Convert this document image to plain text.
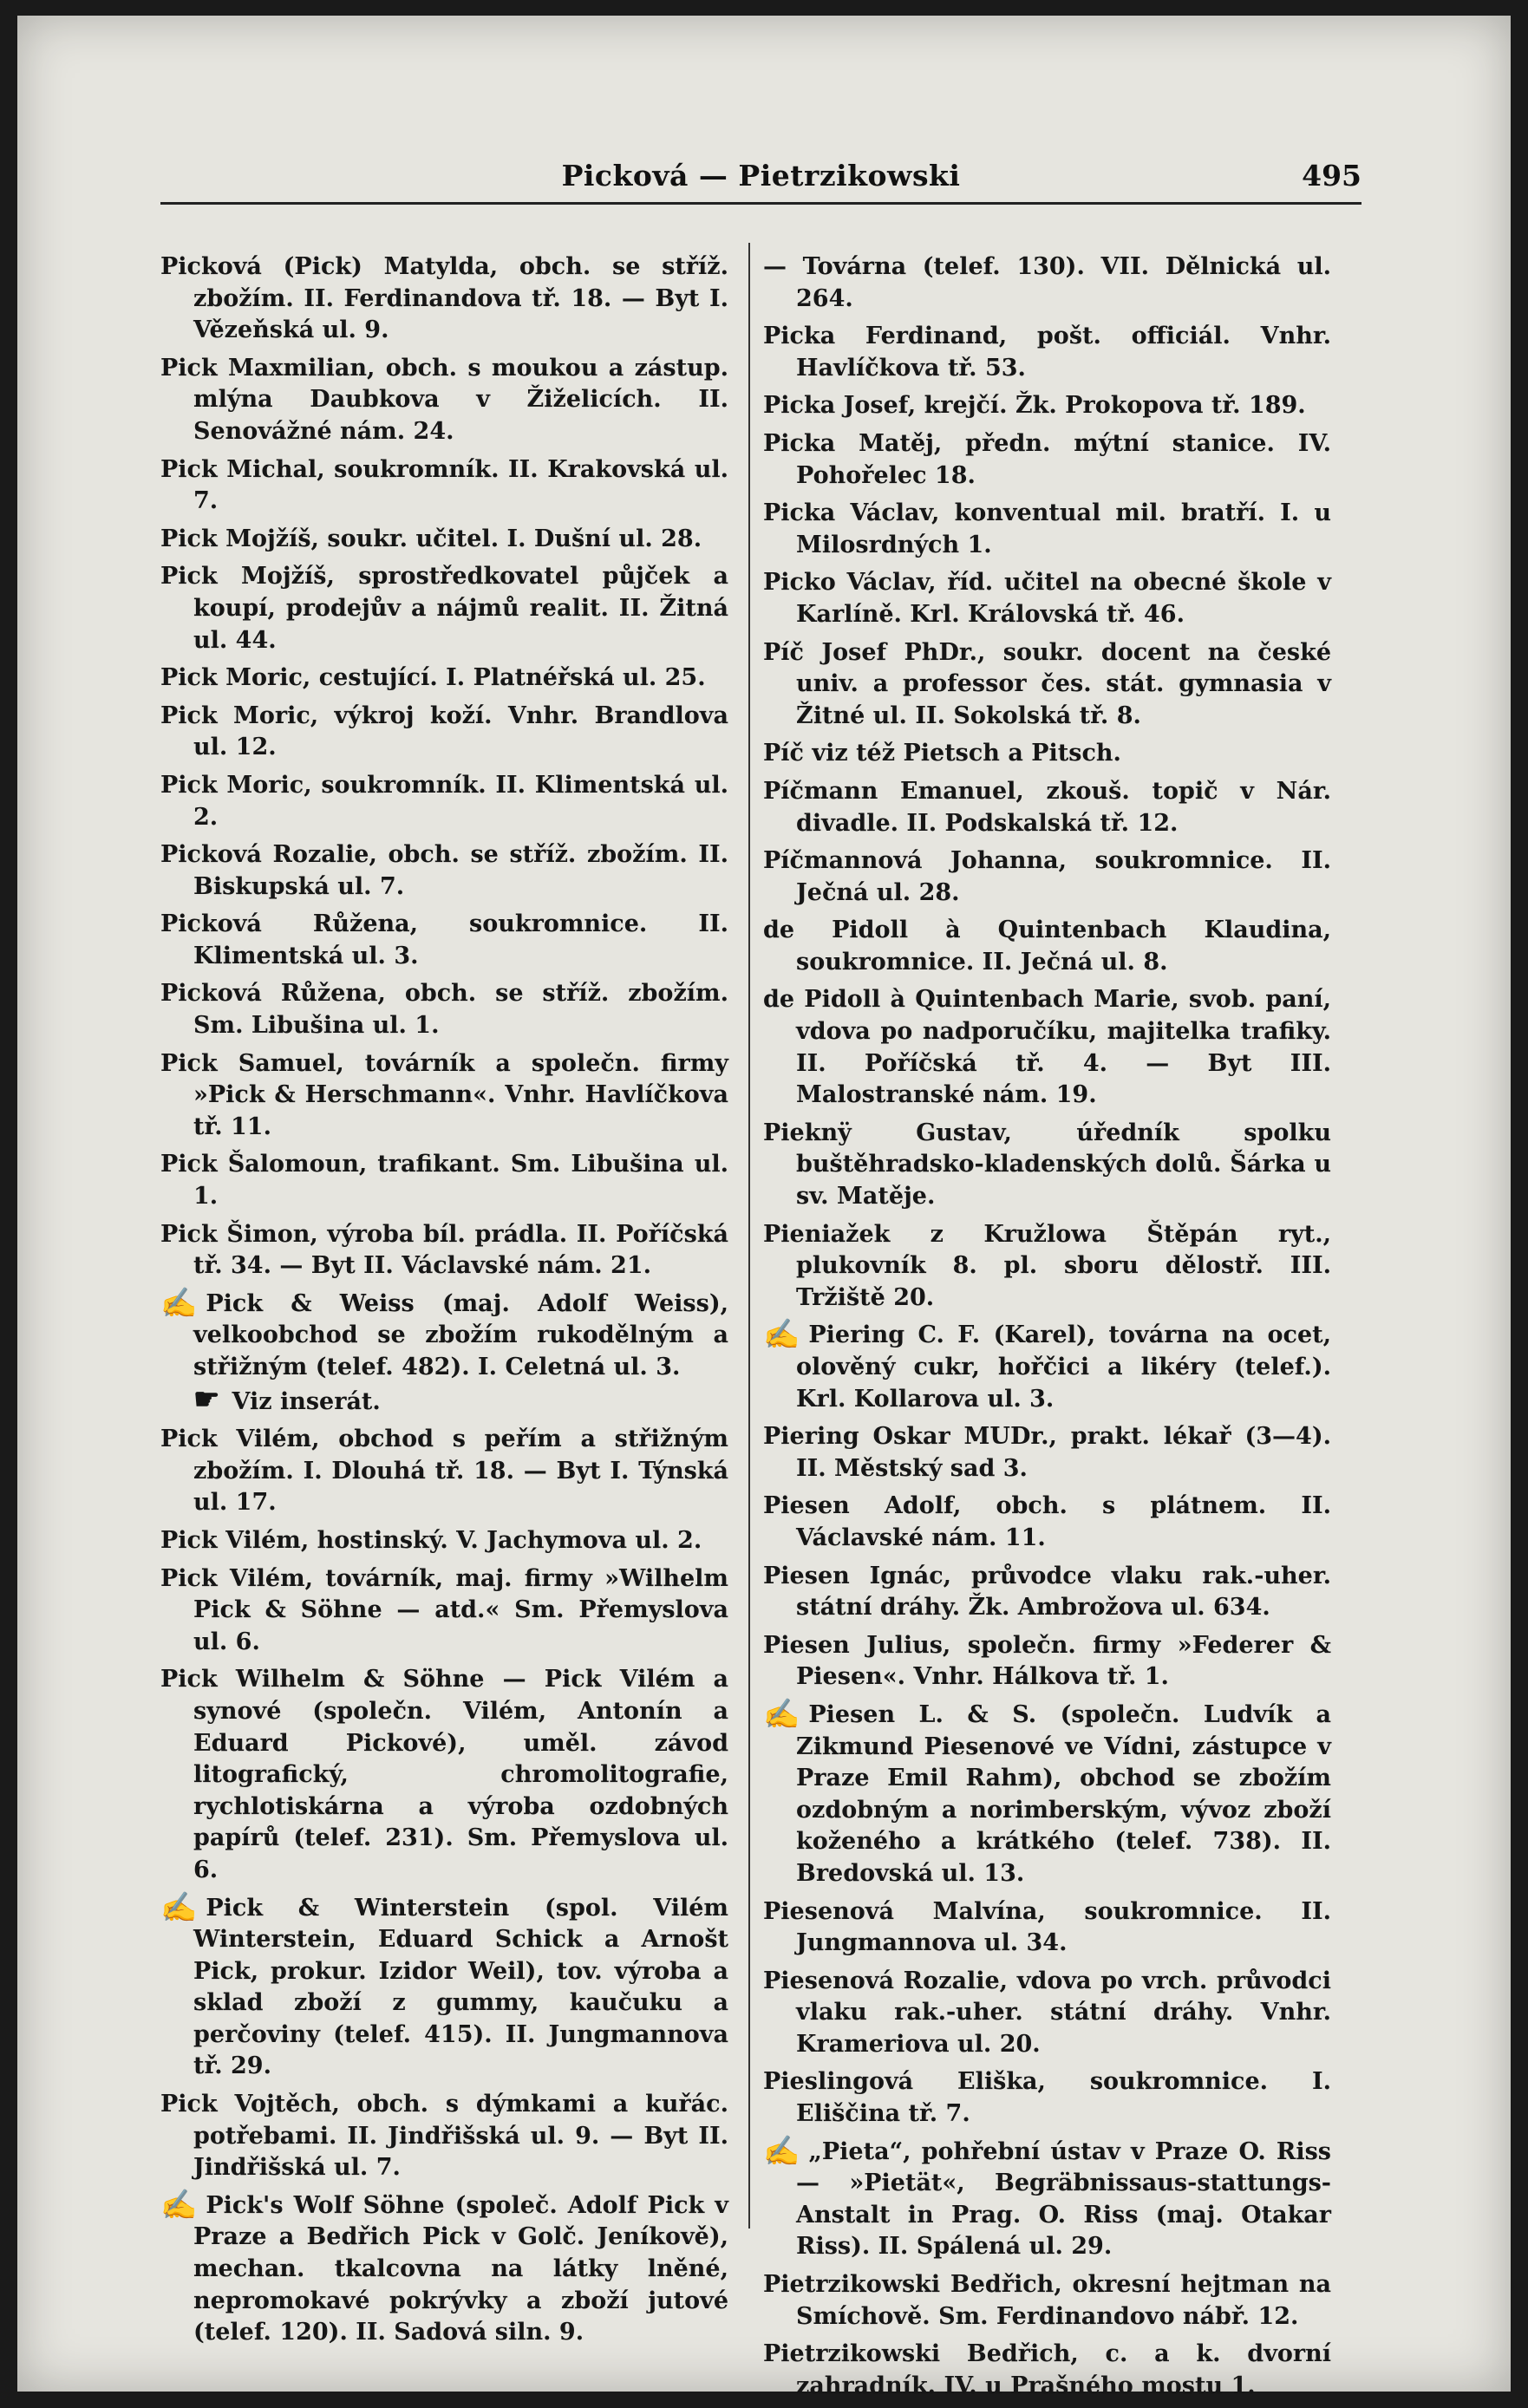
Picková — Pietrzikowski	495

Picková (Pick) Matylda, obch. se stříž. zbožím. II. Ferdinandova tř. 18. — Byt I. Vězeňská ul. 9.

Pick Maxmilian, obch. s moukou a zástup. mlýna Daubkova v Žiželicích. II. Senovážné nám. 24.

Pick Michal, soukromník. II. Krakovská ul. 7.

Pick Mojžíš, soukr. učitel. I. Dušní ul. 28.

Pick Mojžíš, sprostředkovatel půjček a koupí, prodejův a nájmů realit. II. Žitná ul. 44.

Pick Moric, cestující. I. Platnéřská ul. 25.

Pick Moric, výkroj koží. Vnhr. Brandlova ul. 12.

Pick Moric, soukromník. II. Klimentská ul. 2.

Picková Rozalie, obch. se stříž. zbožím. II. Biskupská ul. 7.

Picková Růžena, soukromnice. II. Klimentská ul. 3.

Picková Růžena, obch. se stříž. zbožím. Sm. Libušina ul. 1.

Pick Samuel, továrník a společn. firmy »Pick & Herschmann«. Vnhr. Havlíčkova tř. 11.

Pick Šalomoun, trafikant. Sm. Libušina ul. 1.

Pick Šimon, výroba bíl. prádla. II. Poříčská tř. 34. — Byt II. Václavské nám. 21.

✍ Pick & Weiss (maj. Adolf Weiss), velkoobchod se zbožím rukodělným a střižným (telef. 482). I. Celetná ul. 3.
☛ Viz inserát.

Pick Vilém, obchod s peřím a střižným zbožím. I. Dlouhá tř. 18. — Byt I. Týnská ul. 17.

Pick Vilém, hostinský. V. Jachymova ul. 2.

Pick Vilém, továrník, maj. firmy »Wilhelm Pick & Söhne — atd.« Sm. Přemyslova ul. 6.

Pick Wilhelm & Söhne — Pick Vilém a synové (společn. Vilém, Antonín a Eduard Pickové), uměl. závod litografický, chromolitografie, rychlotiskárna a výroba ozdobných papírů (telef. 231). Sm. Přemyslova ul. 6.

✍ Pick & Winterstein (spol. Vilém Winterstein, Eduard Schick a Arnošt Pick, prokur. Izidor Weil), tov. výroba a sklad zboží z gummy, kaučuku a perčoviny (telef. 415). II. Jungmannova tř. 29.

Pick Vojtěch, obch. s dýmkami a kuřác. potřebami. II. Jindřišská ul. 9. — Byt II. Jindřišská ul. 7.

✍ Pick's Wolf Söhne (společ. Adolf Pick v Praze a Bedřich Pick v Golč. Jeníkově), mechan. tkalcovna na látky lněné, nepromokavé pokrývky a zboží jutové (telef. 120). II. Sadová siln. 9.

— Továrna (telef. 130). VII. Dělnická ul. 264.

Picka Ferdinand, pošt. officiál. Vnhr. Havlíčkova tř. 53.

Picka Josef, krejčí. Žk. Prokopova tř. 189.

Picka Matěj, předn. mýtní stanice. IV. Pohořelec 18.

Picka Václav, konventual mil. bratří. I. u Milosrdných 1.

Picko Václav, říd. učitel na obecné škole v Karlíně. Krl. Královská tř. 46.

Píč Josef PhDr., soukr. docent na české univ. a professor čes. stát. gymnasia v Žitné ul. II. Sokolská tř. 8.

Píč viz též Pietsch a Pitsch.

Píčmann Emanuel, zkouš. topič v Nár. divadle. II. Podskalská tř. 12.

Píčmannová Johanna, soukromnice. II. Ječná ul. 28.

de Pidoll à Quintenbach Klaudina, soukromnice. II. Ječná ul. 8.

de Pidoll à Quintenbach Marie, svob. paní, vdova po nadporučíku, majitelka trafiky. II. Poříčská tř. 4. — Byt III. Malostranské nám. 19.

Pieknÿ Gustav, úředník spolku buštěhradsko-kladenských dolů. Šárka u sv. Matěje.

Pieniažek z Kružlowa Štěpán ryt., plukovník 8. pl. sboru dělostř. III. Tržiště 20.

✍ Piering C. F. (Karel), továrna na ocet, olověný cukr, hořčici a likéry (telef.). Krl. Kollarova ul. 3.

Piering Oskar MUDr., prakt. lékař (3—4). II. Městský sad 3.

Piesen Adolf, obch. s plátnem. II. Václavské nám. 11.

Piesen Ignác, průvodce vlaku rak.-uher. státní dráhy. Žk. Ambrožova ul. 634.

Piesen Julius, společn. firmy »Federer & Piesen«. Vnhr. Hálkova tř. 1.

✍ Piesen L. & S. (společn. Ludvík a Zikmund Piesenové ve Vídni, zástupce v Praze Emil Rahm), obchod se zbožím ozdobným a norimberským, vývoz zboží koženého a krátkého (telef. 738). II. Bredovská ul. 13.

Piesenová Malvína, soukromnice. II. Jungmannova ul. 34.

Piesenová Rozalie, vdova po vrch. průvodci vlaku rak.-uher. státní dráhy. Vnhr. Krameriova ul. 20.

Pieslingová Eliška, soukromnice. I. Eliščina tř. 7.

✍ „Pieta“, pohřební ústav v Praze O. Riss — »Pietät«, Begräbnissaus-stattungs-Anstalt in Prag. O. Riss (maj. Otakar Riss). II. Spálená ul. 29.

Pietrzikowski Bedřich, okresní hejtman na Smíchově. Sm. Ferdinandovo nábř. 12.

Pietrzikowski Bedřich, c. a k. dvorní zahradník. IV. u Prašného mostu 1.
